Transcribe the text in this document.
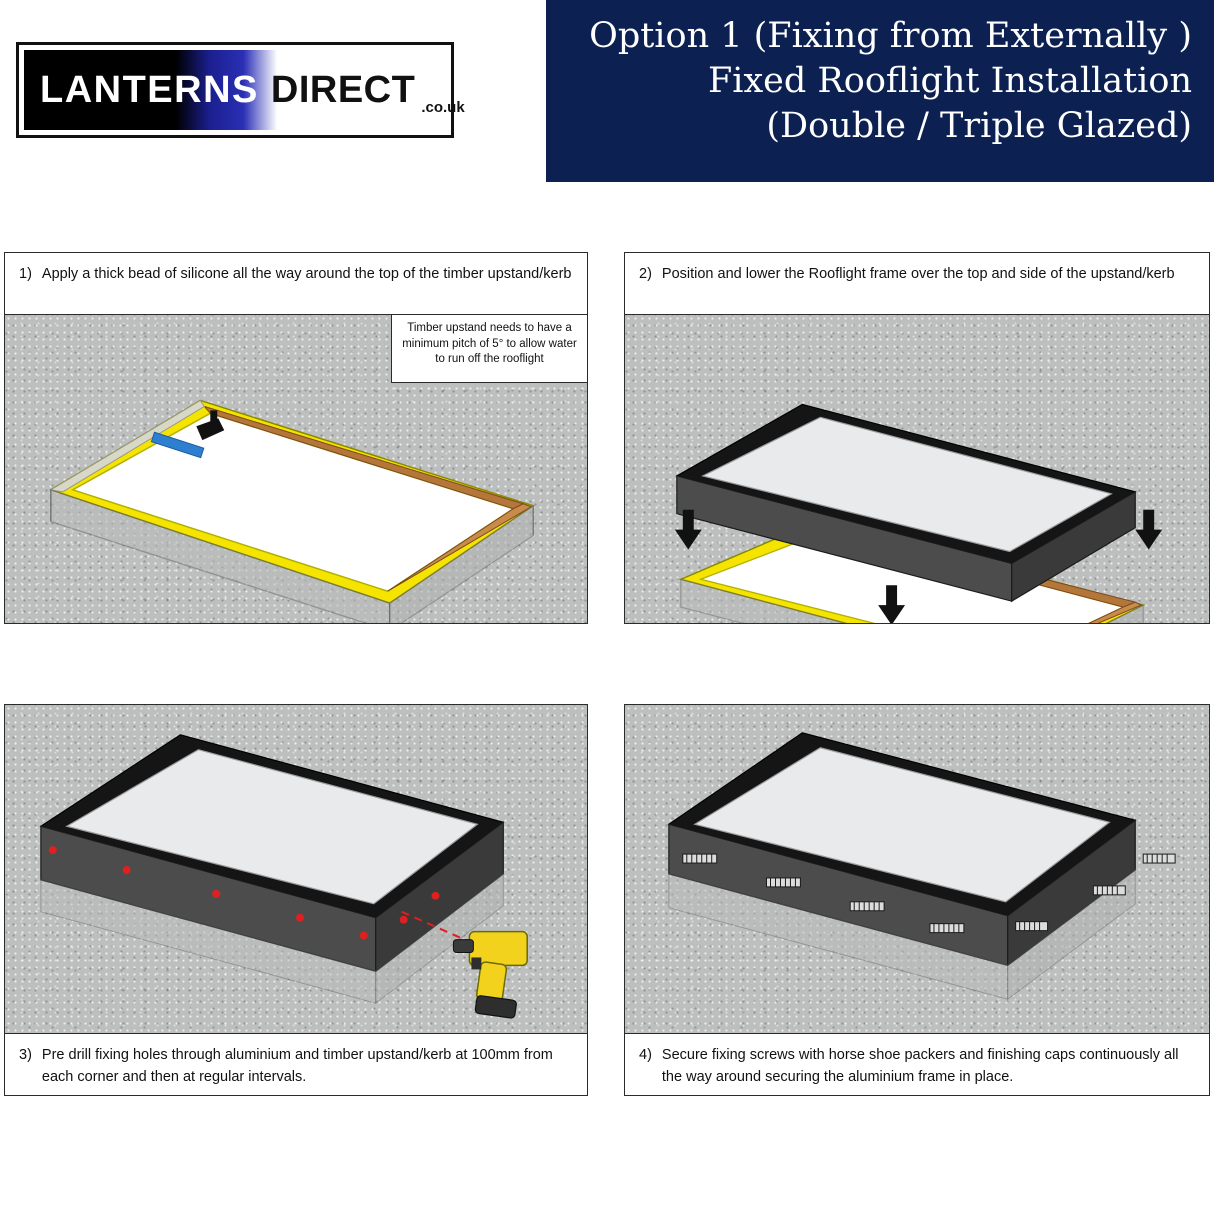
LANTERNS DIRECT .co.uk
Option 1 (Fixing from Externally )
Fixed Rooflight Installation
(Double / Triple Glazed)
1) Apply a thick bead of silicone all the way around the top of the timber upstand/kerb
Timber upstand needs to have a minimum pitch of 5° to allow water to run off the rooflight
2) Position and lower the Rooflight frame over the top and side of the upstand/kerb
3) Pre drill fixing holes through aluminium and timber upstand/kerb at 100mm from each corner and then at regular intervals.
4) Secure fixing screws with horse shoe packers and finishing caps continuously all the way around securing the aluminium frame in place.
